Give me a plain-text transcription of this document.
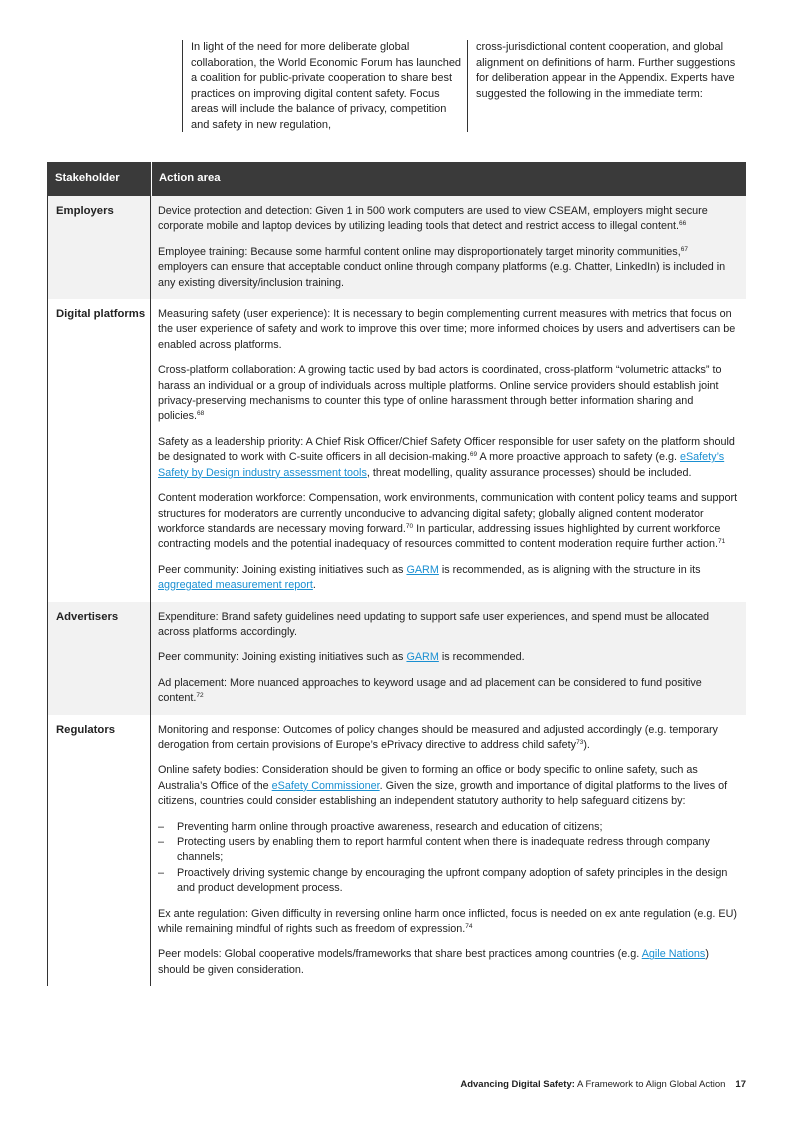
In light of the need for more deliberate global collaboration, the World Economic Forum has launched a coalition for public-private cooperation to share best practices on improving digital content safety. Focus areas will include the balance of privacy, competition and safety in new regulation,
cross-jurisdictional content cooperation, and global alignment on definitions of harm. Further suggestions for deliberation appear in the Appendix. Experts have suggested the following in the immediate term:
Stakeholder	Action area
Employers	Device protection and detection: Given 1 in 500 work computers are used to view CSEAM, employers might secure corporate mobile and laptop devices by utilizing leading tools that detect and restrict access to illegal content.$^{66}$

Employee training: Because some harmful content online may disproportionately target minority communities,$^{67}$ employers can ensure that acceptable conduct online through company platforms (e.g. Chatter, LinkedIn) is included in any existing diversity/inclusion training.

Digital platforms	Measuring safety (user experience): It is necessary to begin complementing current measures with metrics that focus on the user experience of safety and work to improve this over time; more informed choices by users and advertisers can be enabled across platforms.

Cross-platform collaboration: A growing tactic used by bad actors is coordinated, cross-platform “volumetric attacks” to harass an individual or a group of individuals across multiple platforms. Online service providers should establish joint privacy-preserving mechanisms to counter this type of online harassment through better information sharing and policies.$^{68}$

Safety as a leadership priority: A Chief Risk Officer/Chief Safety Officer responsible for user safety on the platform should be designated to work with C-suite officers in all decision-making.$^{69}$ A more proactive approach to safety (e.g. eSafety’s Safety by Design industry assessment tools, threat modelling, quality assurance processes) should be included.

Content moderation workforce: Compensation, work environments, communication with content policy teams and support structures for moderators are currently unconducive to advancing digital safety; globally aligned content moderator workforce standards are necessary moving forward.$^{70}$ In particular, addressing issues highlighted by current workforce contracting models and the potential inadequacy of resources committed to content moderation require further action.$^{71}$

Peer community: Joining existing initiatives such as GARM is recommended, as is aligning with the structure in its aggregated measurement report.

Advertisers	Expenditure: Brand safety guidelines need updating to support safe user experiences, and spend must be allocated across platforms accordingly.

Peer community: Joining existing initiatives such as GARM is recommended.

Ad placement: More nuanced approaches to keyword usage and ad placement can be considered to fund positive content.$^{72}$

Regulators	Monitoring and response: Outcomes of policy changes should be measured and adjusted accordingly (e.g. temporary derogation from certain provisions of Europe’s ePrivacy directive to address child safety$^{73}$).

Online safety bodies: Consideration should be given to forming an office or body specific to online safety, such as Australia’s Office of the eSafety Commissioner. Given the size, growth and importance of digital platforms to the lives of citizens, countries could consider establishing an independent statutory authority to help safeguard citizens by:

– Preventing harm online through proactive awareness, research and education of citizens;
– Protecting users by enabling them to report harmful content when there is inadequate redress through company channels;
– Proactively driving systemic change by encouraging the upfront company adoption of safety principles in the design and product development process.

Ex ante regulation: Given difficulty in reversing online harm once inflicted, focus is needed on ex ante regulation (e.g. EU) while remaining mindful of rights such as freedom of expression.$^{74}$

Peer models: Global cooperative models/frameworks that share best practices among countries (e.g. Agile Nations) should be given consideration.

Advancing Digital Safety: A Framework to Align Global Action 17
